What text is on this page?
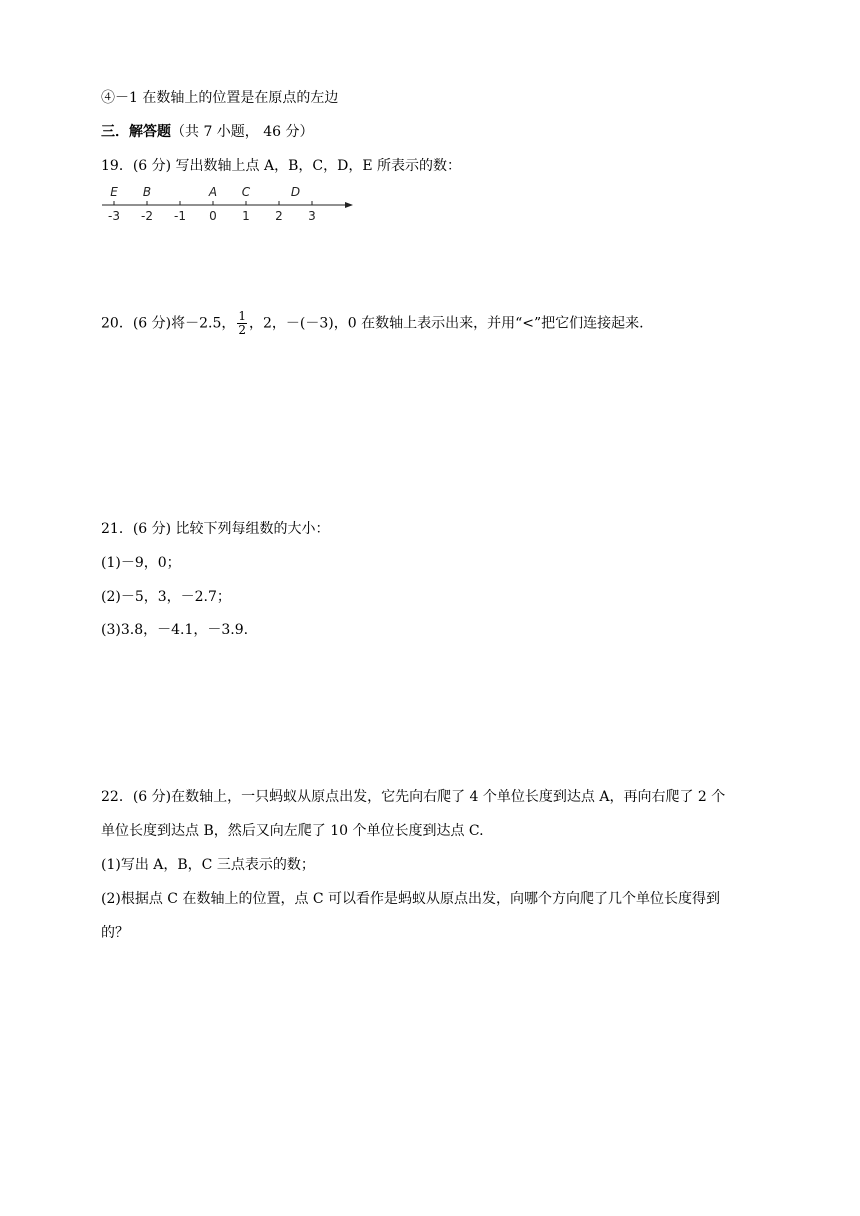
④－1 在数轴上的位置是在原点的左边
三．解答题（共 7 小题， 46 分）
19．(6 分) 写出数轴上点 A，B，C，D，E 所表示的数：
-3 -2 -1 0 1 2 3
E B	A C	D
20．(6 分)将－2.5， $\frac{1}{2}$ ，2，－(－3)，0 在数轴上表示出来，并用“<”把它们连接起来.
21．(6 分) 比较下列每组数的大小：
(1)－9，0；
(2)－5，3，－2.7；
(3)3.8，－4.1，－3.9.
22．(6 分)在数轴上，一只蚂蚁从原点出发，它先向右爬了 4 个单位长度到达点 A，再向右爬了 2 个
单位长度到达点 B，然后又向左爬了 10 个单位长度到达点 C.
(1)写出 A，B，C 三点表示的数；
(2)根据点 C 在数轴上的位置，点 C 可以看作是蚂蚁从原点出发，向哪个方向爬了几个单位长度得到
的？
